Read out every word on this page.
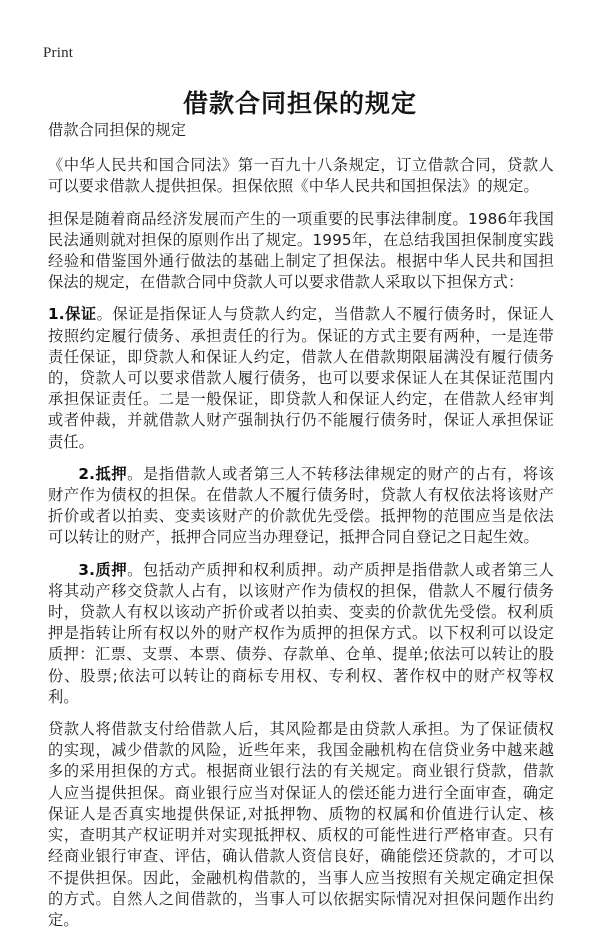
Print
借款合同担保的规定

借款合同担保的规定

《中华人民共和国合同法》第一百九十八条规定，订立借款合同，贷款人可以要求借款人提供担保。担保依照《中华人民共和国担保法》的规定。

担保是随着商品经济发展而产生的一项重要的民事法律制度。1986年我国民法通则就对担保的原则作出了规定。1995年，在总结我国担保制度实践经验和借鉴国外通行做法的基础上制定了担保法。根据中华人民共和国担保法的规定，在借款合同中贷款人可以要求借款人采取以下担保方式：

1.保证。保证是指保证人与贷款人约定，当借款人不履行债务时，保证人按照约定履行债务、承担责任的行为。保证的方式主要有两种，一是连带责任保证，即贷款人和保证人约定，借款人在借款期限届满没有履行债务的，贷款人可以要求借款人履行债务，也可以要求保证人在其保证范围内承担保证责任。二是一般保证，即贷款人和保证人约定，在借款人经审判或者仲裁，并就借款人财产强制执行仍不能履行债务时，保证人承担保证责任。

2.抵押。是指借款人或者第三人不转移法律规定的财产的占有，将该财产作为债权的担保。在借款人不履行债务时，贷款人有权依法将该财产折价或者以拍卖、变卖该财产的价款优先受偿。抵押物的范围应当是依法可以转让的财产，抵押合同应当办理登记，抵押合同自登记之日起生效。

3.质押。包括动产质押和权利质押。动产质押是指借款人或者第三人将其动产移交贷款人占有，以该财产作为债权的担保，借款人不履行债务时，贷款人有权以该动产折价或者以拍卖、变卖的价款优先受偿。权利质押是指转让所有权以外的财产权作为质押的担保方式。以下权利可以设定质押：汇票、支票、本票、债券、存款单、仓单、提单;依法可以转让的股份、股票;依法可以转让的商标专用权、专利权、著作权中的财产权等权利。

贷款人将借款支付给借款人后，其风险都是由贷款人承担。为了保证债权的实现，减少借款的风险，近些年来，我国金融机构在信贷业务中越来越多的采用担保的方式。根据商业银行法的有关规定。商业银行贷款，借款人应当提供担保。商业银行应当对保证人的偿还能力进行全面审查，确定保证人是否真实地提供保证,对抵押物、质物的权属和价值进行认定、核实，查明其产权证明并对实现抵押权、质权的可能性进行严格审查。只有经商业银行审查、评估，确认借款人资信良好，确能偿还贷款的，才可以不提供担保。因此，金融机构借款的，当事人应当按照有关规定确定担保的方式。自然人之间借款的，当事人可以依据实际情况对担保问题作出约定。
